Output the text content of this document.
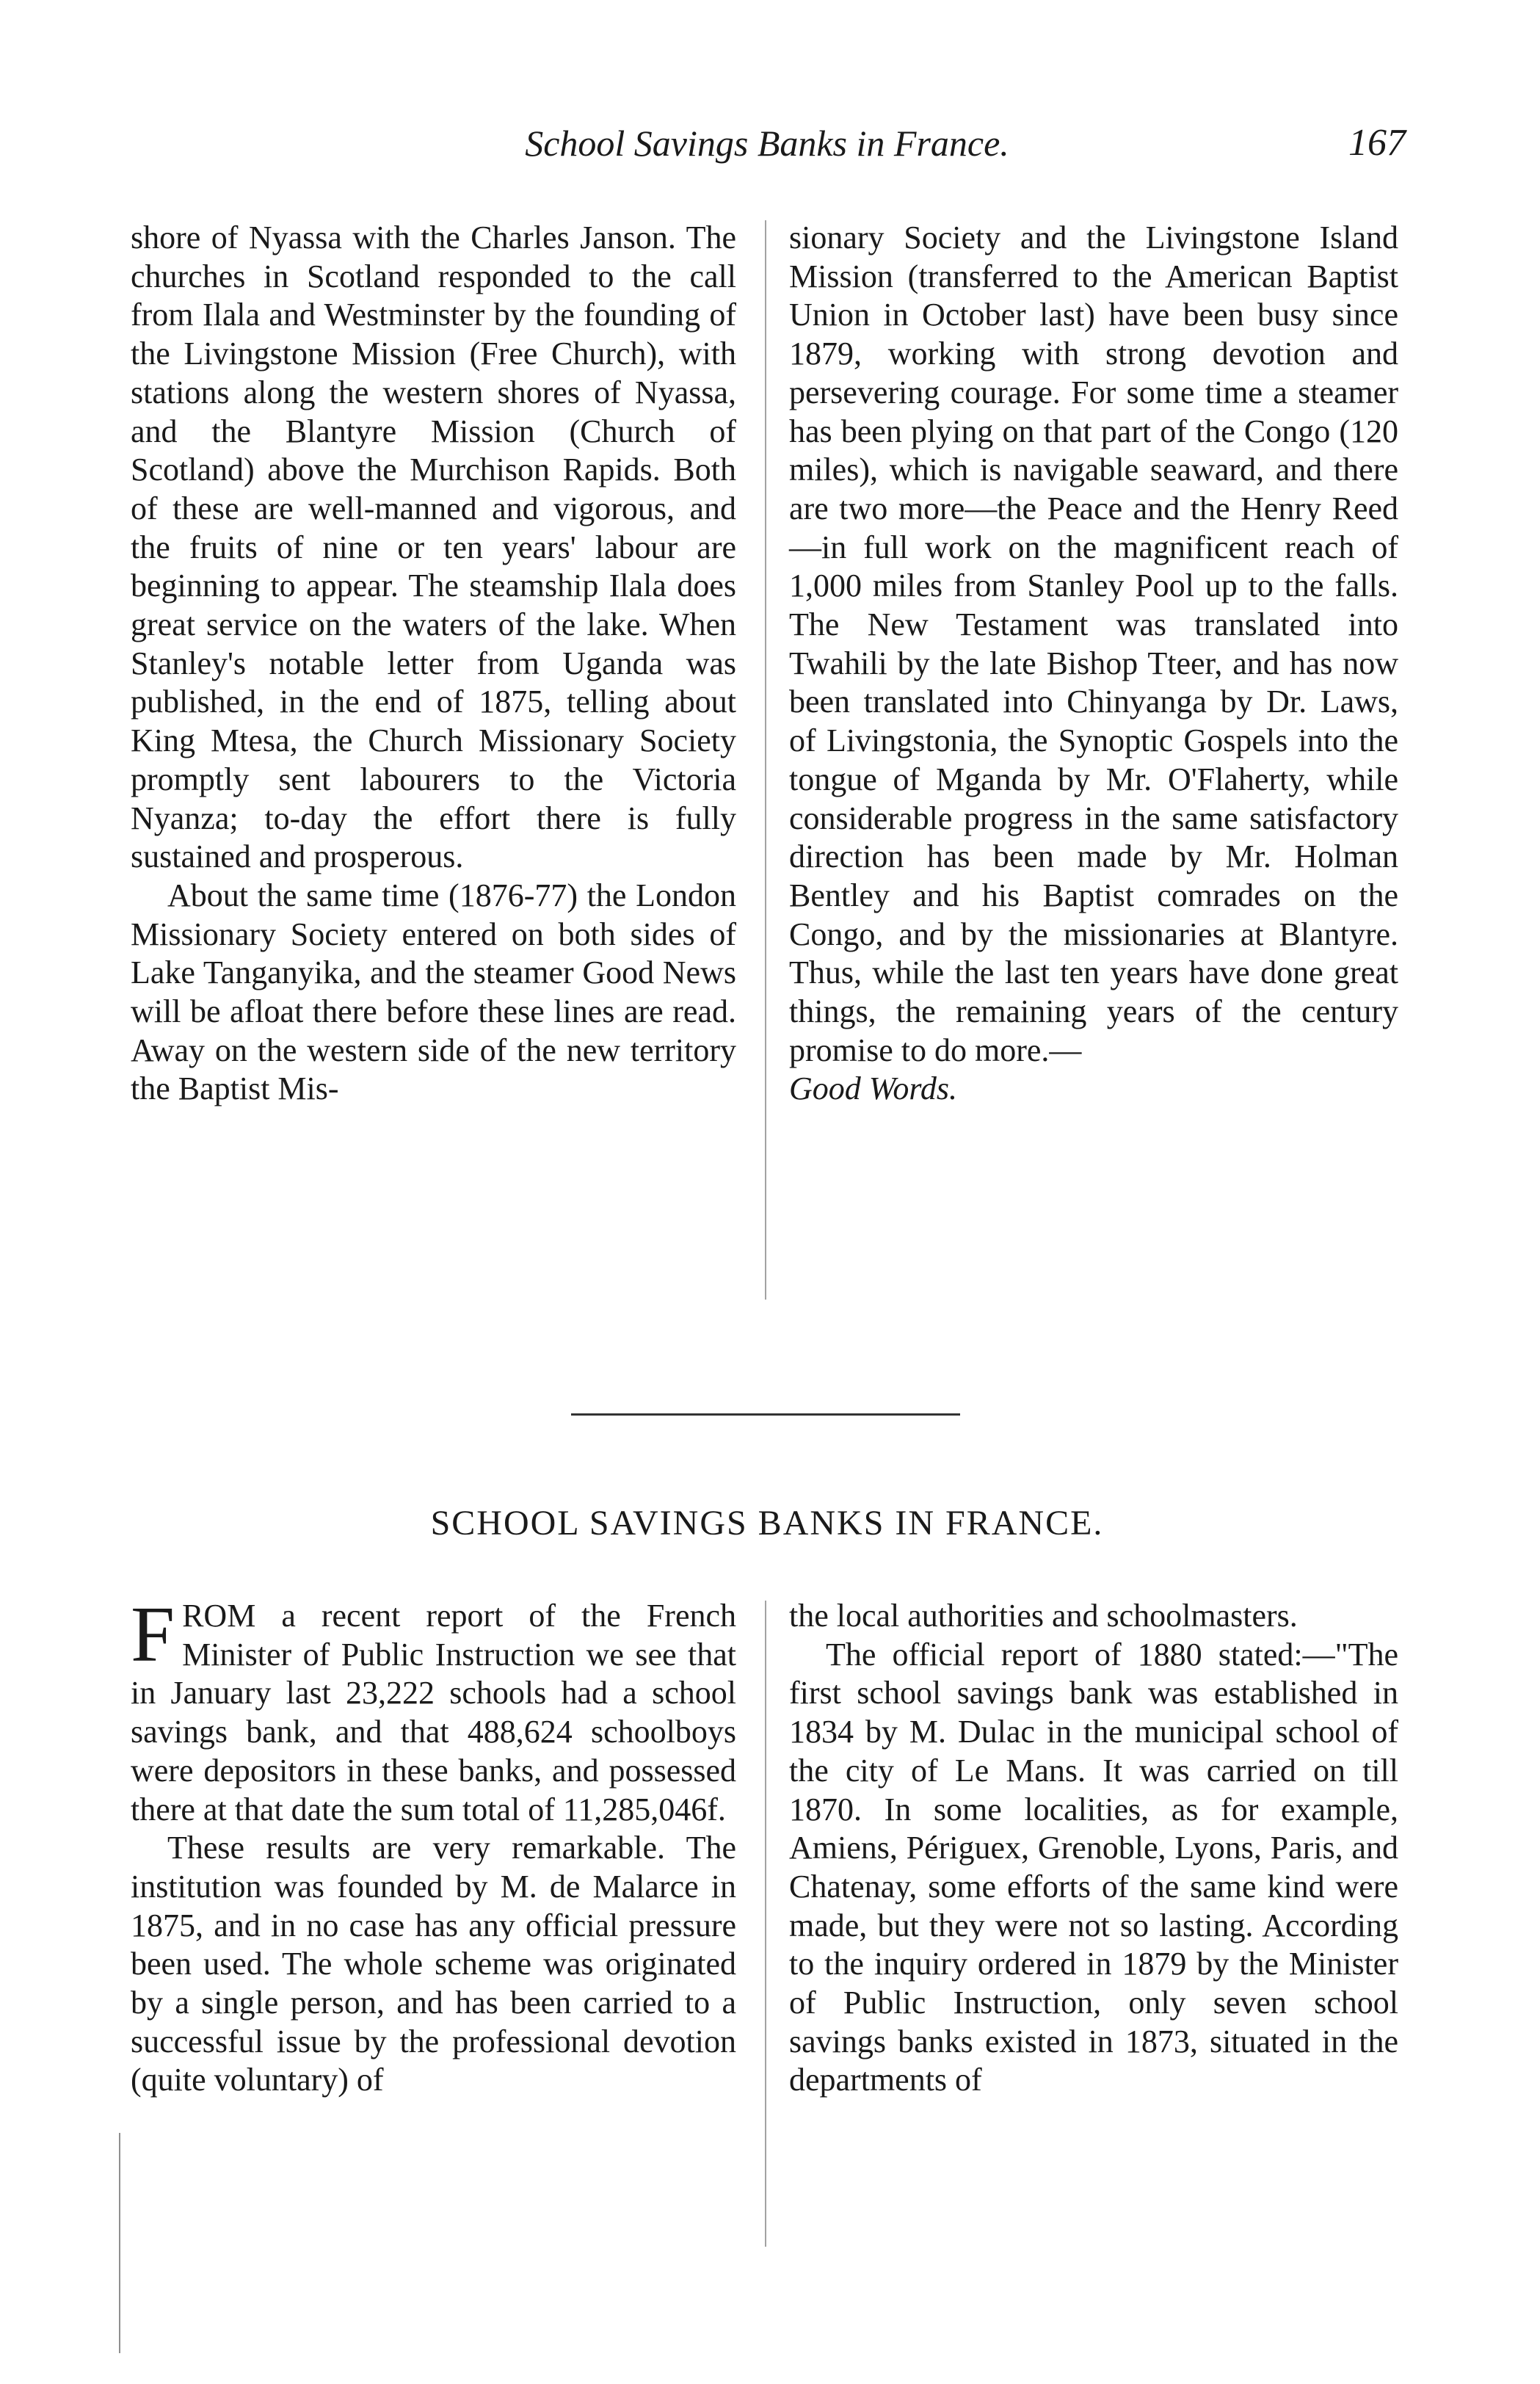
School Savings Banks in France.	167

shore of Nyassa with the Charles Janson. The churches in Scotland responded to the call from Ilala and Westminster by the founding of the Livingstone Mission (Free Church), with stations along the western shores of Nyassa, and the Blantyre Mission (Church of Scotland) above the Murchison Rapids. Both of these are well-manned and vigorous, and the fruits of nine or ten years' labour are beginning to appear. The steamship Ilala does great service on the waters of the lake. When Stanley's notable letter from Uganda was published, in the end of 1875, telling about King Mtesa, the Church Missionary Society promptly sent labourers to the Victoria Nyanza; to-day the effort there is fully sustained and prosperous.

About the same time (1876-77) the London Missionary Society entered on both sides of Lake Tanganyika, and the steamer Good News will be afloat there before these lines are read. Away on the western side of the new territory the Baptist Mis-

sionary Society and the Livingstone Island Mission (transferred to the American Baptist Union in October last) have been busy since 1879, working with strong devotion and persevering courage. For some time a steamer has been plying on that part of the Congo (120 miles), which is navigable seaward, and there are two more—the Peace and the Henry Reed—in full work on the magnificent reach of 1,000 miles from Stanley Pool up to the falls. The New Testament was translated into Twahili by the late Bishop Tteer, and has now been translated into Chinyanga by Dr. Laws, of Livingstonia, the Synoptic Gospels into the tongue of Mganda by Mr. O'Flaherty, while considerable progress in the same satisfactory direction has been made by Mr. Holman Bentley and his Baptist comrades on the Congo, and by the missionaries at Blantyre. Thus, while the last ten years have done great things, the remaining years of the century promise to do more.—

Good Words.

SCHOOL SAVINGS BANKS IN FRANCE.

FROM a recent report of the French Minister of Public Instruction we see that in January last 23,222 schools had a school savings bank, and that 488,624 schoolboys were depositors in these banks, and possessed there at that date the sum total of 11,285,046f.

These results are very remarkable. The institution was founded by M. de Malarce in 1875, and in no case has any official pressure been used. The whole scheme was originated by a single person, and has been carried to a successful issue by the professional devotion (quite voluntary) of

the local authorities and schoolmasters.

The official report of 1880 stated:—"The first school savings bank was established in 1834 by M. Dulac in the municipal school of the city of Le Mans. It was carried on till 1870. In some localities, as for example, Amiens, Périguex, Grenoble, Lyons, Paris, and Chatenay, some efforts of the same kind were made, but they were not so lasting. According to the inquiry ordered in 1879 by the Minister of Public Instruction, only seven school savings banks existed in 1873, situated in the departments of
